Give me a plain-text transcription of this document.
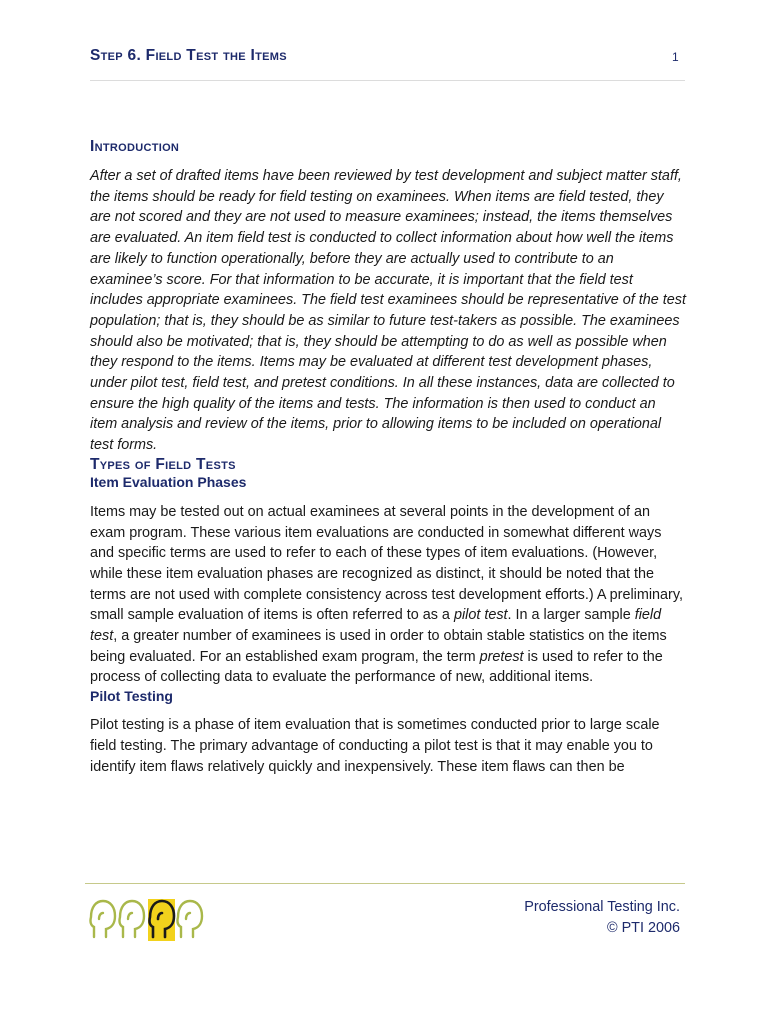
Step 6. Field Test the Items	1
Introduction

After a set of drafted items have been reviewed by test development and subject matter staff, the items should be ready for field testing on examinees. When items are field tested, they are not scored and they are not used to measure examinees; instead, the items themselves are evaluated. An item field test is conducted to collect information about how well the items are likely to function operationally, before they are actually used to contribute to an examinee’s score. For that information to be accurate, it is important that the field test includes appropriate examinees. The field test examinees should be representative of the test population; that is, they should be as similar to future test-takers as possible. The examinees should also be motivated; that is, they should be attempting to do as well as possible when they respond to the items. Items may be evaluated at different test development phases, under pilot test, field test, and pretest conditions. In all these instances, data are collected to ensure the high quality of the items and tests. The information is then used to conduct an item analysis and review of the items, prior to allowing items to be included on operational test forms.

Types of Field Tests
Item Evaluation Phases

Items may be tested out on actual examinees at several points in the development of an exam program. These various item evaluations are conducted in somewhat different ways and specific terms are used to refer to each of these types of item evaluations. (However, while these item evaluation phases are recognized as distinct, it should be noted that the terms are not used with complete consistency across test development efforts.) A preliminary, small sample evaluation of items is often referred to as a pilot test. In a larger sample field test, a greater number of examinees is used in order to obtain stable statistics on the items being evaluated. For an established exam program, the term pretest is used to refer to the process of collecting data to evaluate the performance of new, additional items.

Pilot Testing

Pilot testing is a phase of item evaluation that is sometimes conducted prior to large scale field testing. The primary advantage of conducting a pilot test is that it may enable you to identify item flaws relatively quickly and inexpensively. These item flaws can then be

Professional Testing Inc.
© PTI 2006
